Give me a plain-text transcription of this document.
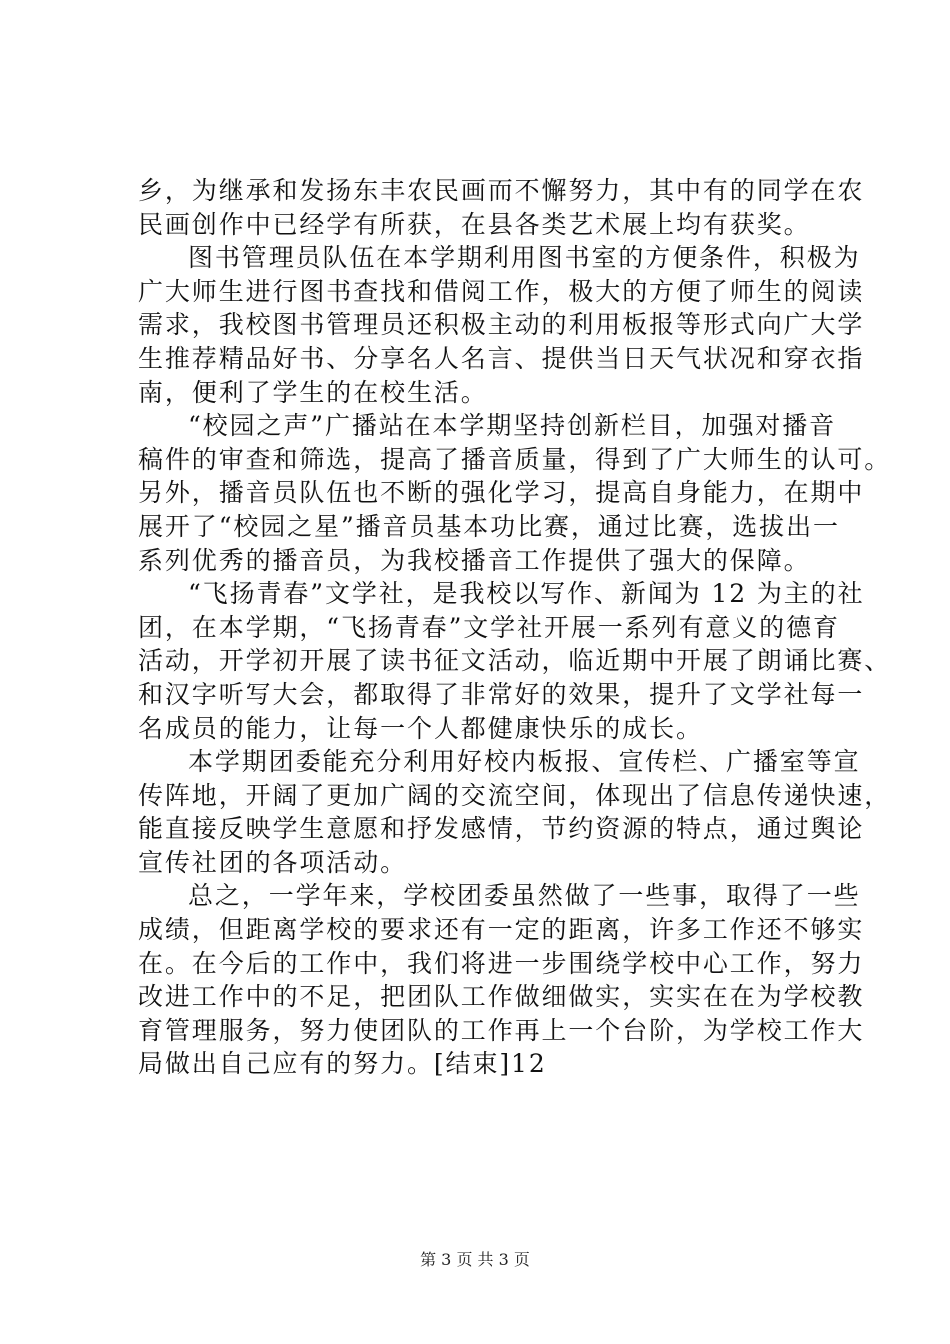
乡，为继承和发扬东丰农民画而不懈努力，其中有的同学在农
民画创作中已经学有所获，在县各类艺术展上均有获奖。
图书管理员队伍在本学期利用图书室的方便条件，积极为
广大师生进行图书查找和借阅工作，极大的方便了师生的阅读
需求，我校图书管理员还积极主动的利用板报等形式向广大学
生推荐精品好书、分享名人名言、提供当日天气状况和穿衣指
南，便利了学生的在校生活。
“校园之声”广播站在本学期坚持创新栏目，加强对播音
稿件的审查和筛选，提高了播音质量，得到了广大师生的认可。
另外，播音员队伍也不断的强化学习，提高自身能力，在期中
展开了“校园之星”播音员基本功比赛，通过比赛，选拔出一
系列优秀的播音员，为我校播音工作提供了强大的保障。
“飞扬青春”文学社，是我校以写作、新闻为 12 为主的社
团，在本学期，“飞扬青春”文学社开展一系列有意义的德育
活动，开学初开展了读书征文活动，临近期中开展了朗诵比赛、
和汉字听写大会，都取得了非常好的效果，提升了文学社每一
名成员的能力，让每一个人都健康快乐的成长。
本学期团委能充分利用好校内板报、宣传栏、广播室等宣
传阵地，开阔了更加广阔的交流空间，体现出了信息传递快速，
能直接反映学生意愿和抒发感情，节约资源的特点，通过舆论
宣传社团的各项活动。
总之，一学年来，学校团委虽然做了一些事，取得了一些
成绩，但距离学校的要求还有一定的距离，许多工作还不够实
在。在今后的工作中，我们将进一步围绕学校中心工作，努力
改进工作中的不足，把团队工作做细做实，实实在在为学校教
育管理服务，努力使团队的工作再上一个台阶，为学校工作大
局做出自己应有的努力。[结束]12
第 3 页 共 3 页
